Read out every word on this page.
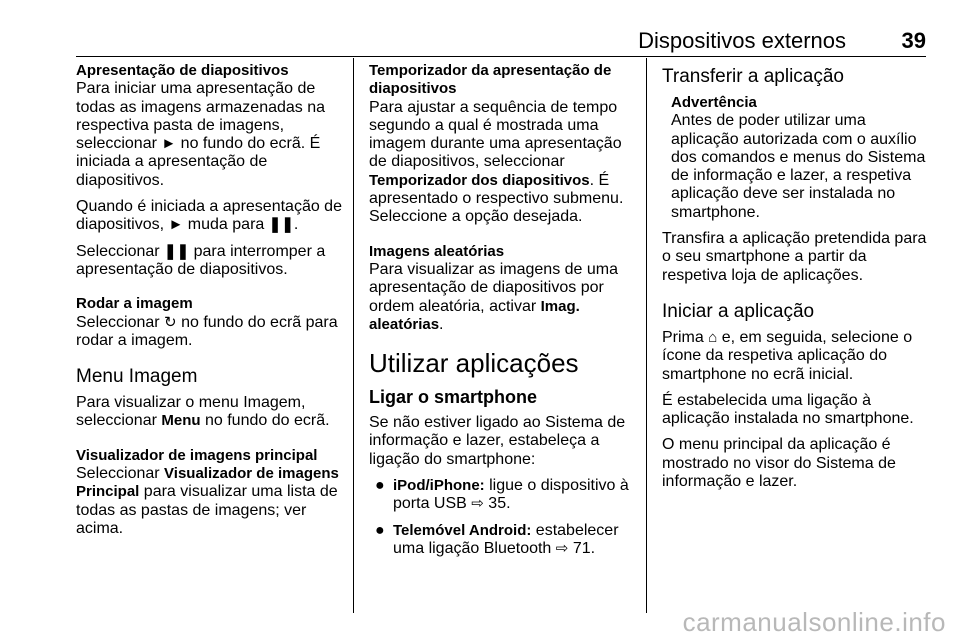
Dispositivos externos	39

Apresentação de diapositivos

Para iniciar uma apresentação de todas as imagens armazenadas na respectiva pasta de imagens, seleccionar ► no fundo do ecrã. É iniciada a apresentação de diapositivos.

Quando é iniciada a apresentação de diapositivos, ► muda para ❚❚.

Seleccionar ❚❚ para interromper a apresentação de diapositivos.

Rodar a imagem

Seleccionar ↻ no fundo do ecrã para rodar a imagem.

Menu Imagem

Para visualizar o menu Imagem, seleccionar Menu no fundo do ecrã.

Visualizador de imagens principal

Seleccionar Visualizador de imagens Principal para visualizar uma lista de todas as pastas de imagens; ver acima.

Temporizador da apresentação de diapositivos

Para ajustar a sequência de tempo segundo a qual é mostrada uma imagem durante uma apresentação de diapositivos, seleccionar Temporizador dos diapositivos. É apresentado o respectivo submenu. Seleccione a opção desejada.

Imagens aleatórias

Para visualizar as imagens de uma apresentação de diapositivos por ordem aleatória, activar Imag. aleatórias.

Utilizar aplicações

Ligar o smartphone

Se não estiver ligado ao Sistema de informação e lazer, estabeleça a ligação do smartphone:

● iPod/iPhone: ligue o dispositivo à porta USB ⇨ 35.

● Telemóvel Android: estabelecer uma ligação Bluetooth ⇨ 71.

Transferir a aplicação

Advertência

Antes de poder utilizar uma aplicação autorizada com o auxílio dos comandos e menus do Sistema de informação e lazer, a respetiva aplicação deve ser instalada no smartphone.

Transfira a aplicação pretendida para o seu smartphone a partir da respetiva loja de aplicações.

Iniciar a aplicação

Prima ⌂ e, em seguida, selecione o ícone da respetiva aplicação do smartphone no ecrã inicial.

É estabelecida uma ligação à aplicação instalada no smartphone.

O menu principal da aplicação é mostrado no visor do Sistema de informação e lazer.

carmanualsonline.info
